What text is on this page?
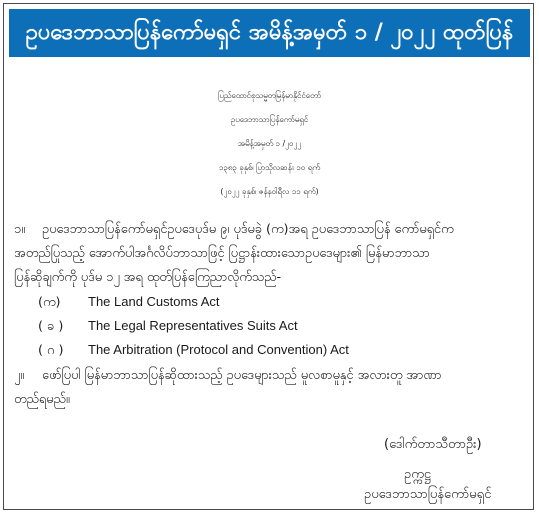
ဥပဒေဘာသာပြန်ကော်မရှင် အမိန့်အမှတ် ၁ / ၂၀၂၂ ထုတ်ပြန်
ပြည်ထောင်စုသမ္မတမြန်မာနိုင်ငံတော်
ဥပဒေဘာသာပြန်ကော်မရှင်
အမိန့်အမှတ် ၁ /၂၀၂၂
၁၃၈၃ ခုနှစ်၊ ပြာသိုလဆန်း ၁၀ ရက်
(၂၀၂၂ ခုနှစ်၊ ဇန်နဝါရီလ ၁၁ ရက်)
၁။ ဥပဒေဘာသာပြန်ကော်မရှင်ဥပဒေပုဒ်မ ၉၊ ပုဒ်မခွဲ (က)အရ ဥပဒေဘာသာပြန် ကော်မရှင်က
အတည်ပြုသည့် အောက်ပါအင်္ဂလိပ်ဘာသာဖြင့် ပြဋ္ဌာန်းထားသောဥပဒေများ၏ မြန်မာဘာသာ
ပြန်ဆိုချက်ကို ပုဒ်မ ၁၂ အရ ထုတ်ပြန်ကြေညာလိုက်သည်-
(က) The Land Customs Act
( ခ ) The Legal Representatives Suits Act
( ဂ ) The Arbitration (Protocol and Convention) Act
၂။ ဖော်ပြပါ မြန်မာဘာသာပြန်ဆိုထားသည့် ဥပဒေများသည် မူလစာမူနှင့် အလားတူ အာဏာ
တည်ရမည်။
(ဒေါက်တာသီတာဦး)
ဥက္ကဋ္ဌ
ဥပဒေဘာသာပြန်ကော်မရှင်
